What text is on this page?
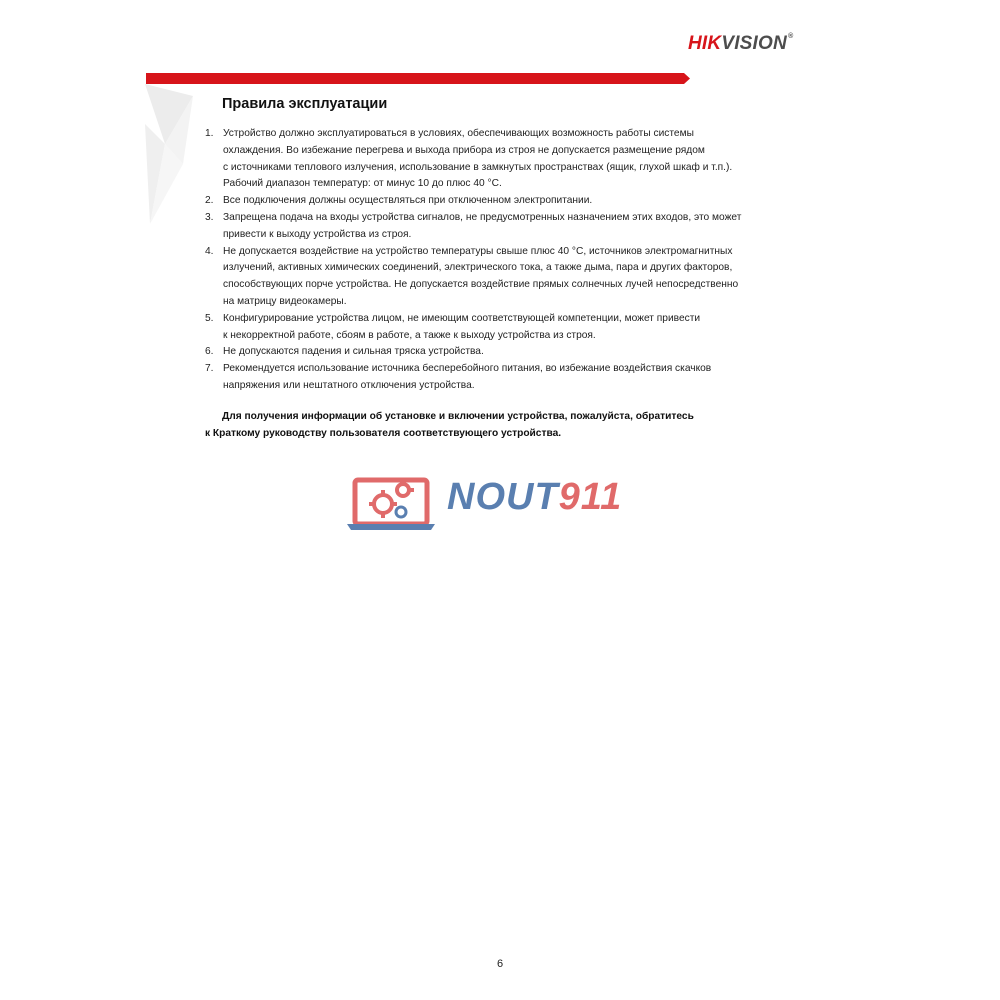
HIKVISION®
Правила эксплуатации
1. Устройство должно эксплуатироваться в условиях, обеспечивающих возможность работы системы
охлаждения. Во избежание перегрева и выхода прибора из строя не допускается размещение рядом
с источниками теплового излучения, использование в замкнутых пространствах (ящик, глухой шкаф и т.п.).
Рабочий диапазон температур: от минус 10 до плюс 40 °С.
2. Все подключения должны осуществляться при отключенном электропитании.
3. Запрещена подача на входы устройства сигналов, не предусмотренных назначением этих входов, это может
привести к выходу устройства из строя.
4. Не допускается воздействие на устройство температуры свыше плюс 40 °С, источников электромагнитных
излучений, активных химических соединений, электрического тока, а также дыма, пара и других факторов,
способствующих порче устройства. Не допускается воздействие прямых солнечных лучей непосредственно
на матрицу видеокамеры.
5. Конфигурирование устройства лицом, не имеющим соответствующей компетенции, может привести
к некорректной работе, сбоям в работе, а также к выходу устройства из строя.
6. Не допускаются падения и сильная тряска устройства.
7. Рекомендуется использование источника бесперебойного питания, во избежание воздействия скачков
напряжения или нештатного отключения устройства.
Для получения информации об установке и включении устройства, пожалуйста, обратитесь
к Краткому руководству пользователя соответствующего устройства.
NOUT911
6
